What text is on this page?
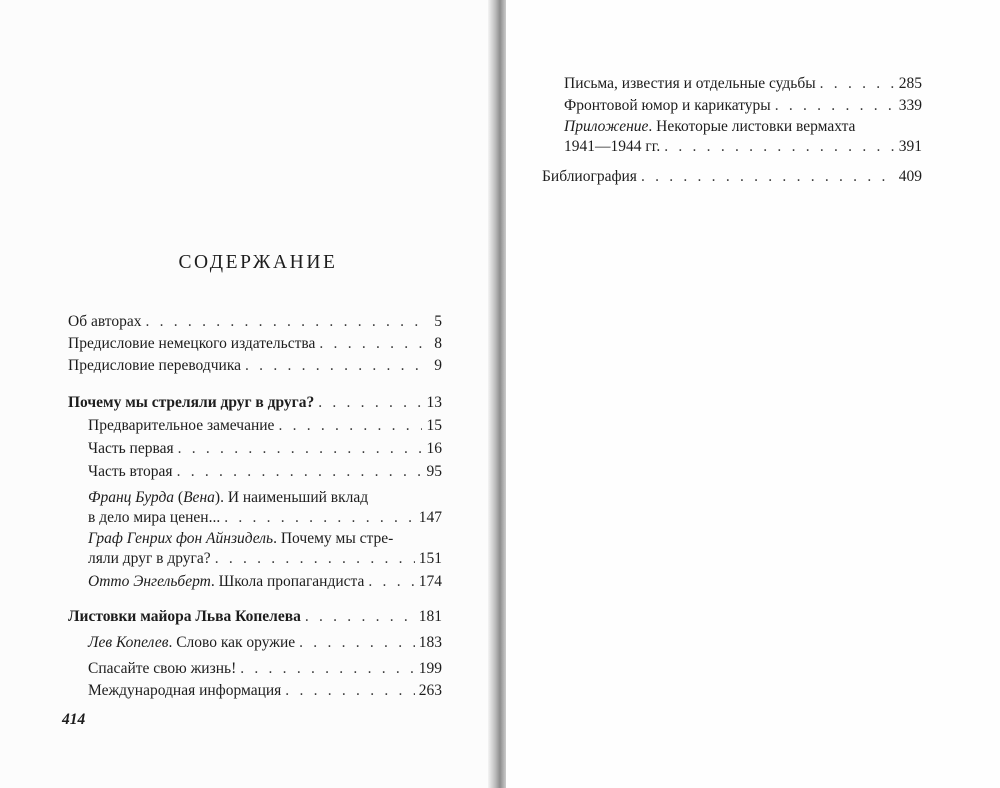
СОДЕРЖАНИЕ
Об авторах . . .	5
Предисловие немецкого издательства . . .	8
Предисловие переводчика . . .	9
Почему мы стреляли друг в друга? . . .	13
Предварительное замечание . . .	15
Часть первая . . .	16
Часть вторая . . .	95
Франц Бурда (Вена). И наименьший вклад
в дело мира ценен... . . .	147
Граф Генрих фон Айнзидель. Почему мы стре-
ляли друг в друга? . . .	151
Отто Энгельберт. Школа пропагандиста . . .	174
Листовки майора Льва Копелева . . .	181
Лев Копелев. Слово как оружие . . .	183
Спасайте свою жизнь! . . .	199
Международная информация . . .	263

414

Письма, известия и отдельные судьбы . . .	285
Фронтовой юмор и карикатуры . . .	339
Приложение. Некоторые листовки вермахта
1941—1944 гг. . . .	391
Библиография . . .	409
